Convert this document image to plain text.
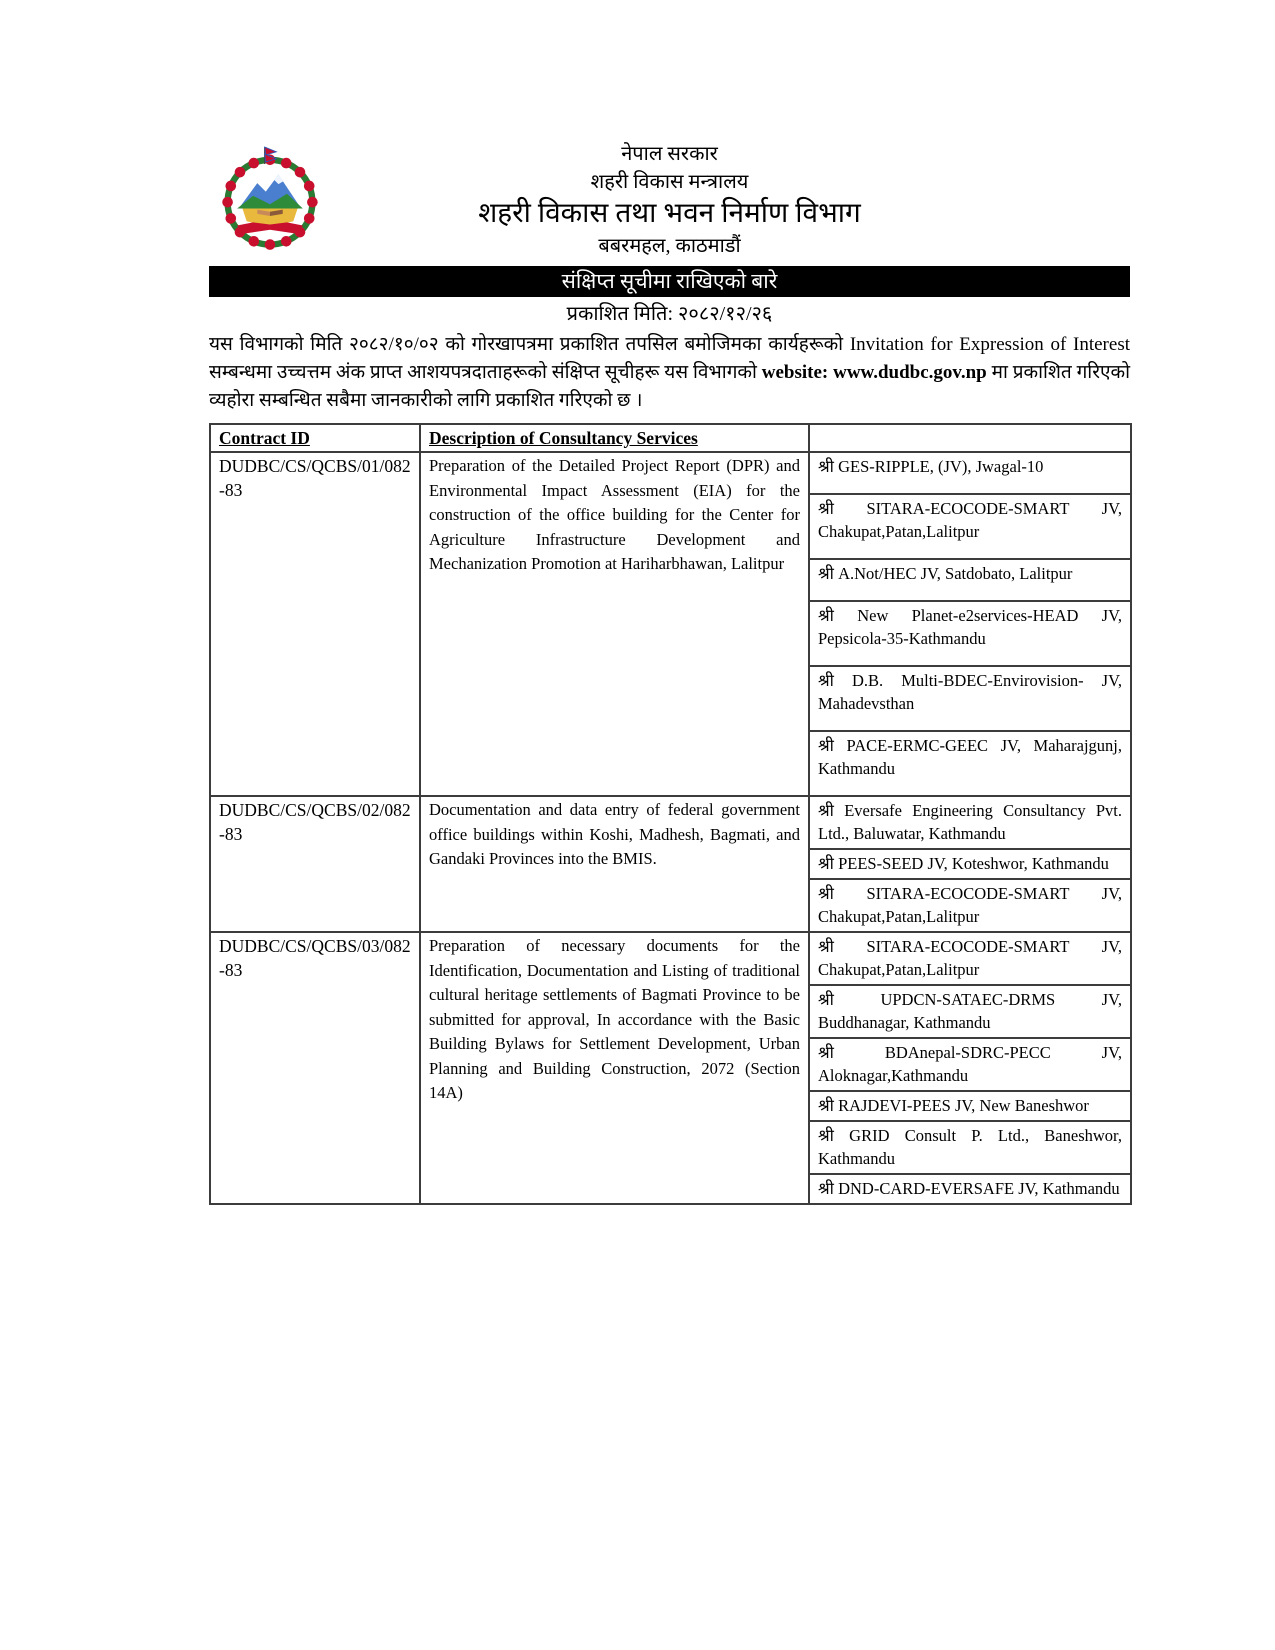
नेपाल सरकार
शहरी विकास मन्त्रालय
शहरी विकास तथा भवन निर्माण विभाग
बबरमहल, काठमाडौं
संक्षिप्त सूचीमा राखिएको बारे
प्रकाशित मिति: २०८२/१२/२६
यस विभागको मिति २०८२/१०/०२ को गोरखापत्रमा प्रकाशित तपसिल बमोजिमका कार्यहरूको Invitation for Expression of Interest सम्बन्धमा उच्चत्तम अंक प्राप्त आशयपत्रदाताहरूको संक्षिप्त सूचीहरू यस विभागको website: www.dudbc.gov.np मा प्रकाशित गरिएको व्यहोरा सम्बन्धित सबैमा जानकारीको लागि प्रकाशित गरिएको छ ।
Contract ID	Description of Consultancy Services	
DUDBC/CS/QCBS/01/082-83	Preparation of the Detailed Project Report (DPR) and Environmental Impact Assessment (EIA) for the construction of the office building for the Center for Agriculture Infrastructure Development and Mechanization Promotion at Hariharbhawan, Lalitpur	
श्री GES-RIPPLE, (JV), Jwagal-10
श्री SITARA-ECOCODE-SMART JV, Chakupat,Patan,Lalitpur
श्री A.Not/HEC JV, Satdobato, Lalitpur
श्री New Planet-e2services-HEAD JV, Pepsicola-35-Kathmandu
श्री D.B. Multi-BDEC-Envirovision- JV, Mahadevsthan
श्री PACE-ERMC-GEEC JV, Maharajgunj, Kathmandu

DUDBC/CS/QCBS/02/082-83	Documentation and data entry of federal government office buildings within Koshi, Madhesh, Bagmati, and Gandaki Provinces into the BMIS.	श्री Eversafe Engineering Consultancy Pvt. Ltd., Baluwatar, Kathmandu
श्री PEES-SEED JV, Koteshwor, Kathmandu
श्री SITARA-ECOCODE-SMART JV, Chakupat,Patan,Lalitpur

DUDBC/CS/QCBS/03/082-83	Preparation of necessary documents for the Identification, Documentation and Listing of traditional cultural heritage settlements of Bagmati Province to be submitted for approval, In accordance with the Basic Building Bylaws for Settlement Development, Urban Planning and Building Construction, 2072 (Section 14A)	
श्री SITARA-ECOCODE-SMART JV, Chakupat,Patan,Lalitpur
श्री UPDCN-SATAEC-DRMS JV, Buddhanagar, Kathmandu
श्री BDAnepal-SDRC-PECC JV, Aloknagar,Kathmandu
श्री RAJDEVI-PEES JV, New Baneshwor
श्री GRID Consult P. Ltd., Baneshwor, Kathmandu
श्री DND-CARD-EVERSAFE JV, Kathmandu
